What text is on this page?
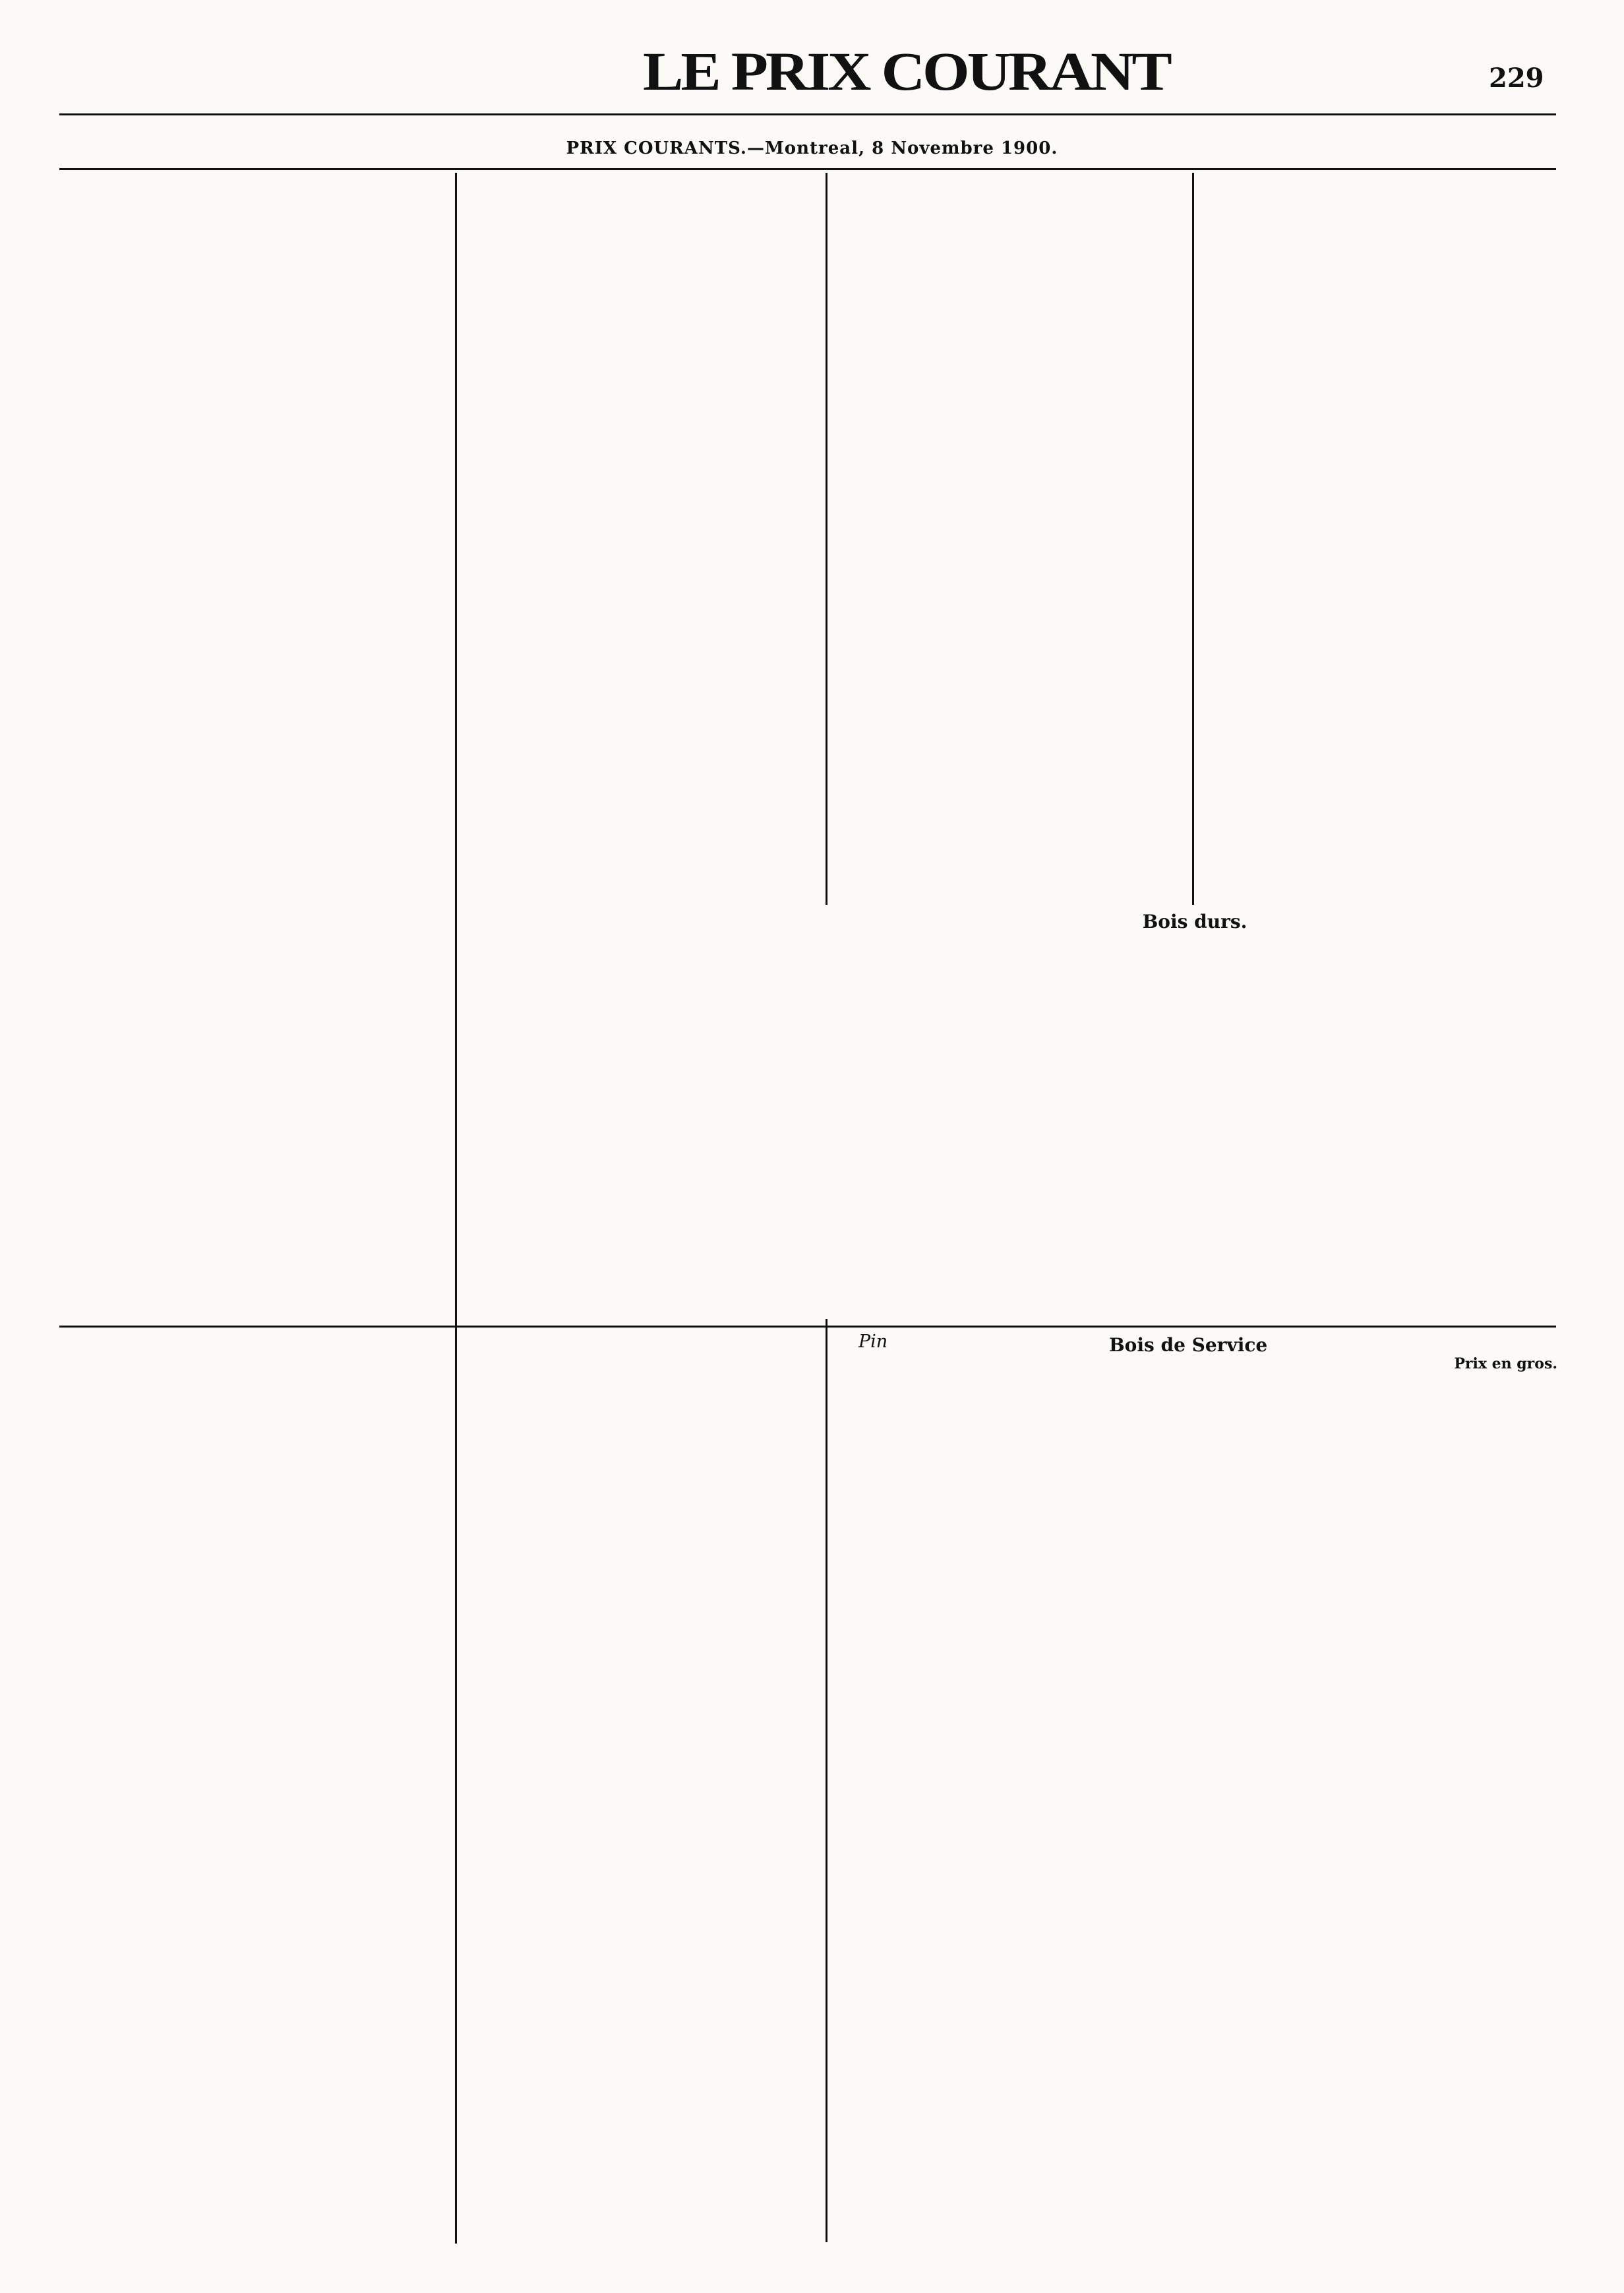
LE PRIX COURANT	229
PRIX COURANTS.—Montreal, 8 Novembre 1900.
Bois durs.
Pin	Bois de Service
Prix en gros.
